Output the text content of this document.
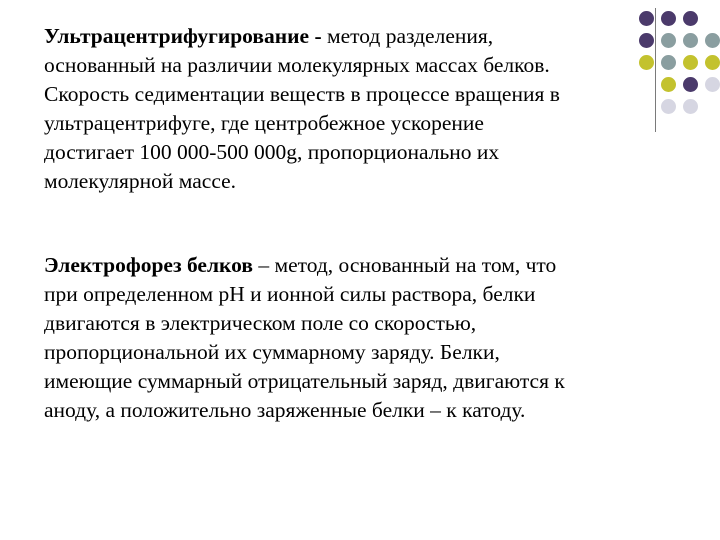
Ультрацентрифугирование - метод разделения,
основанный на различии молекулярных массах белков.
Скорость седиментации веществ в процессе вращения в
ультрацентрифуге, где центробежное ускорение
достигает 100 000-500 000g, пропорционально их
молекулярной массе.
Электрофорез белков – метод, основанный на том, что
при определенном pH и ионной силы раствора, белки
двигаются в электрическом поле со скоростью,
пропорциональной их суммарному заряду. Белки,
имеющие суммарный отрицательный заряд, двигаются к
аноду, а положительно заряженные белки – к катоду.
